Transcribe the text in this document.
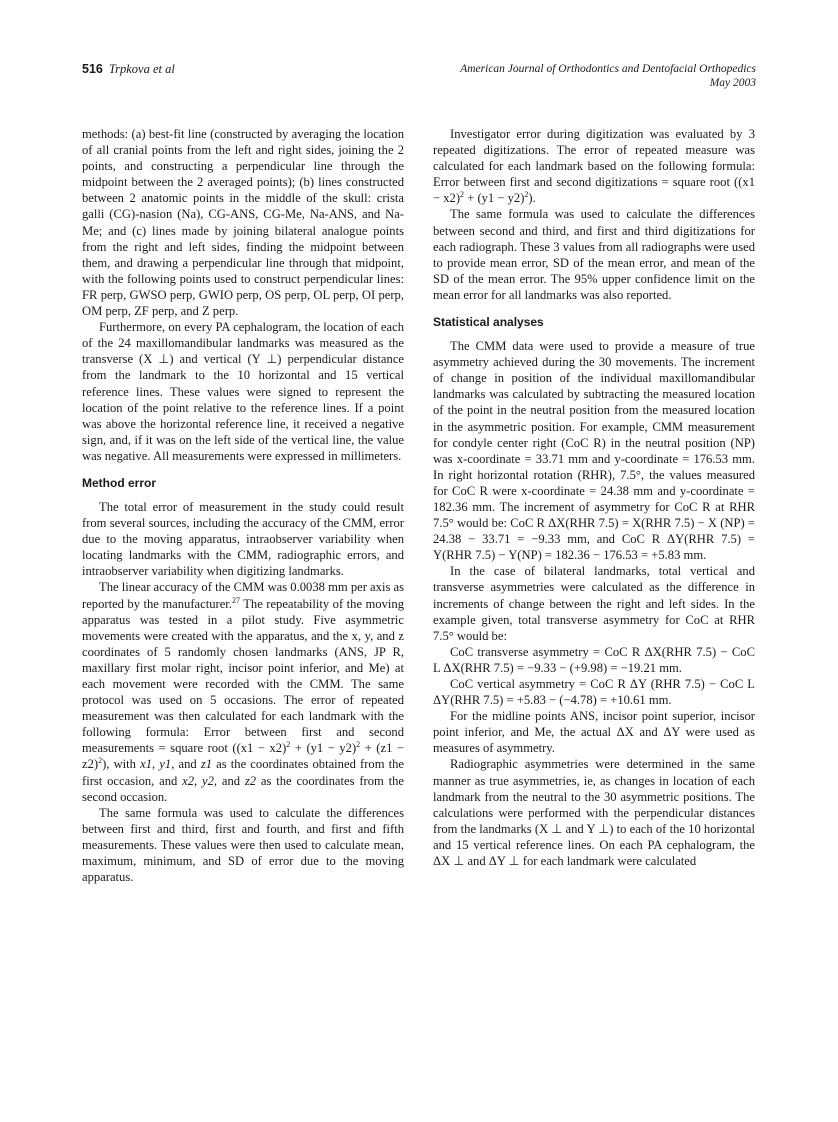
516 Trpkova et al	American Journal of Orthodontics and Dentofacial Orthopedics
May 2003

methods: (a) best-fit line (constructed by averaging the location of all cranial points from the left and right sides, joining the 2 points, and constructing a perpendicular line through the midpoint between the 2 averaged points); (b) lines constructed between 2 anatomic points in the middle of the skull: crista galli (CG)-nasion (Na), CG-ANS, CG-Me, Na-ANS, and Na-Me; and (c) lines made by joining bilateral analogue points from the right and left sides, finding the midpoint between them, and drawing a perpendicular line through that midpoint, with the following points used to construct perpendicular lines: FR perp, GWSO perp, GWIO perp, OS perp, OL perp, OI perp, OM perp, ZF perp, and Z perp.

Furthermore, on every PA cephalogram, the location of each of the 24 maxillomandibular landmarks was measured as the transverse (X ⊥) and vertical (Y ⊥) perpendicular distance from the landmark to the 10 horizontal and 15 vertical reference lines. These values were signed to represent the location of the point relative to the reference lines. If a point was above the horizontal reference line, it received a negative sign, and, if it was on the left side of the vertical line, the value was negative. All measurements were expressed in millimeters.

Method error

The total error of measurement in the study could result from several sources, including the accuracy of the CMM, error due to the moving apparatus, intraobserver variability when locating landmarks with the CMM, radiographic errors, and intraobserver variability when digitizing landmarks.

The linear accuracy of the CMM was 0.0038 mm per axis as reported by the manufacturer.$^{27}$ The repeatability of the moving apparatus was tested in a pilot study. Five asymmetric movements were created with the apparatus, and the x, y, and z coordinates of 5 randomly chosen landmarks (ANS, JP R, maxillary first molar right, incisor point inferior, and Me) at each movement were recorded with the CMM. The same protocol was used on 5 occasions. The error of repeated measurement was then calculated for each landmark with the following formula: Error between first and second measurements = square root $((x1 - x2)^2 + (y1 - y2)^2 + (z1 - z2)^2)$, with x1, y1, and z1 as the coordinates obtained from the first occasion, and x2, y2, and z2 as the coordinates from the second occasion.

The same formula was used to calculate the differences between first and third, first and fourth, and first and fifth measurements. These values were then used to calculate mean, maximum, minimum, and SD of error due to the moving apparatus.

Investigator error during digitization was evaluated by 3 repeated digitizations. The error of repeated measure was calculated for each landmark based on the following formula: Error between first and second digitizations = square root $((x1 - x2)^2 + (y1 - y2)^2)$.

The same formula was used to calculate the differences between second and third, and first and third digitizations for each radiograph. These 3 values from all radiographs were used to provide mean error, SD of the mean error, and mean of the SD of the mean error. The 95% upper confidence limit on the mean error for all landmarks was also reported.

Statistical analyses

The CMM data were used to provide a measure of true asymmetry achieved during the 30 movements. The increment of change in position of the individual maxillomandibular landmarks was calculated by subtracting the measured location of the point in the neutral position from the measured location in the asymmetric position. For example, CMM measurement for condyle center right (CoC R) in the neutral position (NP) was x-coordinate = 33.71 mm and y-coordinate = 176.53 mm. In right horizontal rotation (RHR), 7.5°, the values measured for CoC R were x-coordinate = 24.38 mm and y-coordinate = 182.36 mm. The increment of asymmetry for CoC R at RHR 7.5° would be: CoC R ΔX(RHR 7.5) = X(RHR 7.5) − X (NP) = 24.38 − 33.71 = −9.33 mm, and CoC R ΔY(RHR 7.5) = Y(RHR 7.5) − Y(NP) = 182.36 − 176.53 = +5.83 mm.

In the case of bilateral landmarks, total vertical and transverse asymmetries were calculated as the difference in increments of change between the right and left sides. In the example given, total transverse asymmetry for CoC at RHR 7.5° would be:

CoC transverse asymmetry = CoC R ΔX(RHR 7.5) − CoC L ΔX(RHR 7.5) = −9.33 − (+9.98) = −19.21 mm.

CoC vertical asymmetry = CoC R ΔY (RHR 7.5) − CoC L ΔY(RHR 7.5) = +5.83 − (−4.78) = +10.61 mm.

For the midline points ANS, incisor point superior, incisor point inferior, and Me, the actual ΔX and ΔY were used as measures of asymmetry.

Radiographic asymmetries were determined in the same manner as true asymmetries, ie, as changes in location of each landmark from the neutral to the 30 asymmetric positions. The calculations were performed with the perpendicular distances from the landmarks (X ⊥ and Y ⊥) to each of the 10 horizontal and 15 vertical reference lines. On each PA cephalogram, the ΔX ⊥ and ΔY ⊥ for each landmark were calculated
